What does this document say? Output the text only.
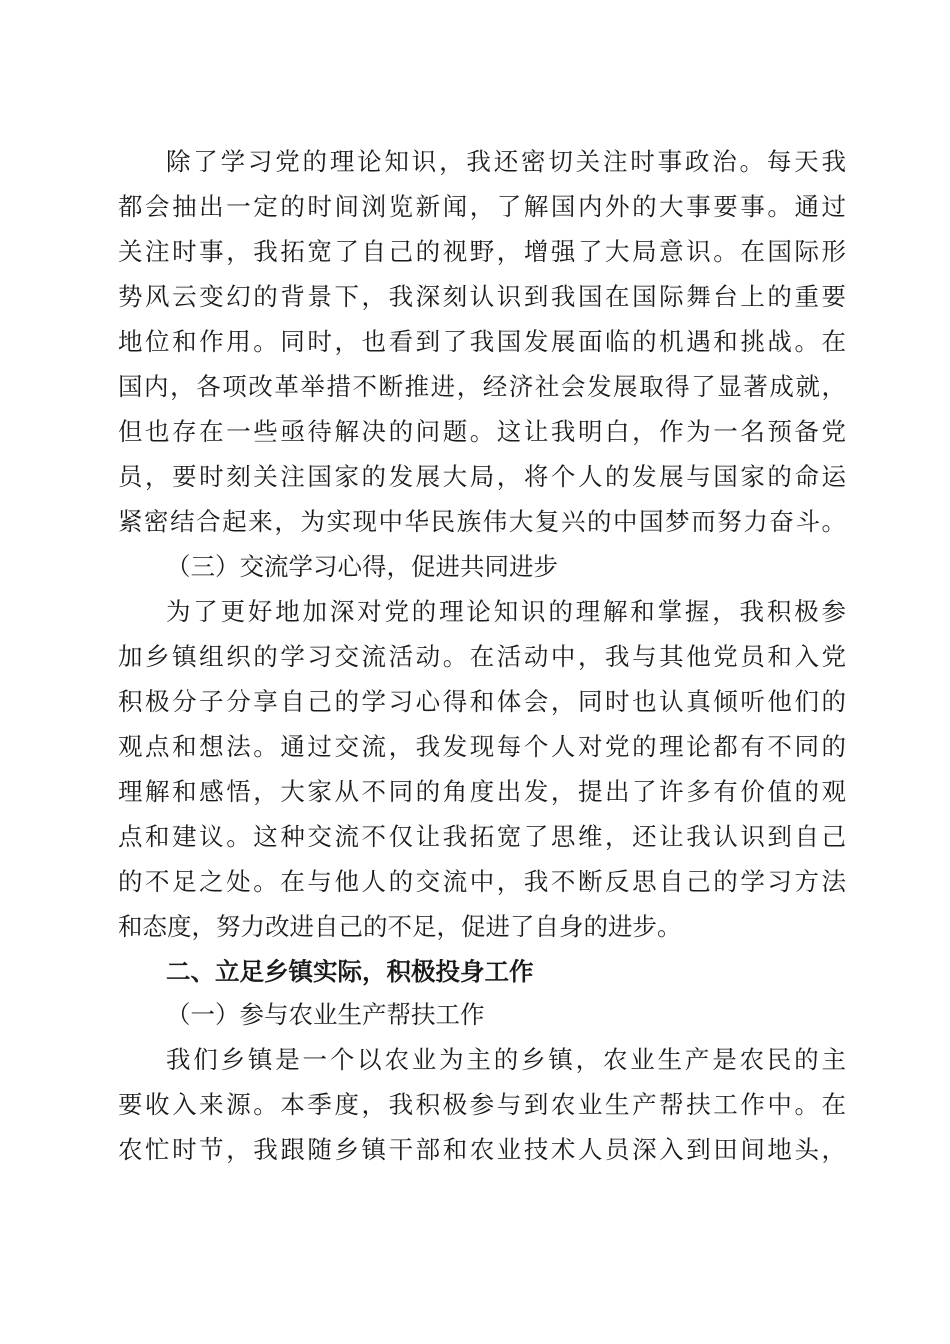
除了学习党的理论知识，我还密切关注时事政治。每天我
都会抽出一定的时间浏览新闻，了解国内外的大事要事。通过
关注时事，我拓宽了自己的视野，增强了大局意识。在国际形
势风云变幻的背景下，我深刻认识到我国在国际舞台上的重要
地位和作用。同时，也看到了我国发展面临的机遇和挑战。在
国内，各项改革举措不断推进，经济社会发展取得了显著成就，
但也存在一些亟待解决的问题。这让我明白，作为一名预备党
员，要时刻关注国家的发展大局，将个人的发展与国家的命运
紧密结合起来，为实现中华民族伟大复兴的中国梦而努力奋斗。
（三）交流学习心得，促进共同进步
为了更好地加深对党的理论知识的理解和掌握，我积极参
加乡镇组织的学习交流活动。在活动中，我与其他党员和入党
积极分子分享自己的学习心得和体会，同时也认真倾听他们的
观点和想法。通过交流，我发现每个人对党的理论都有不同的
理解和感悟，大家从不同的角度出发，提出了许多有价值的观
点和建议。这种交流不仅让我拓宽了思维，还让我认识到自己
的不足之处。在与他人的交流中，我不断反思自己的学习方法
和态度，努力改进自己的不足，促进了自身的进步。
二、立足乡镇实际，积极投身工作
（一）参与农业生产帮扶工作
我们乡镇是一个以农业为主的乡镇，农业生产是农民的主
要收入来源。本季度，我积极参与到农业生产帮扶工作中。在
农忙时节，我跟随乡镇干部和农业技术人员深入到田间地头，
